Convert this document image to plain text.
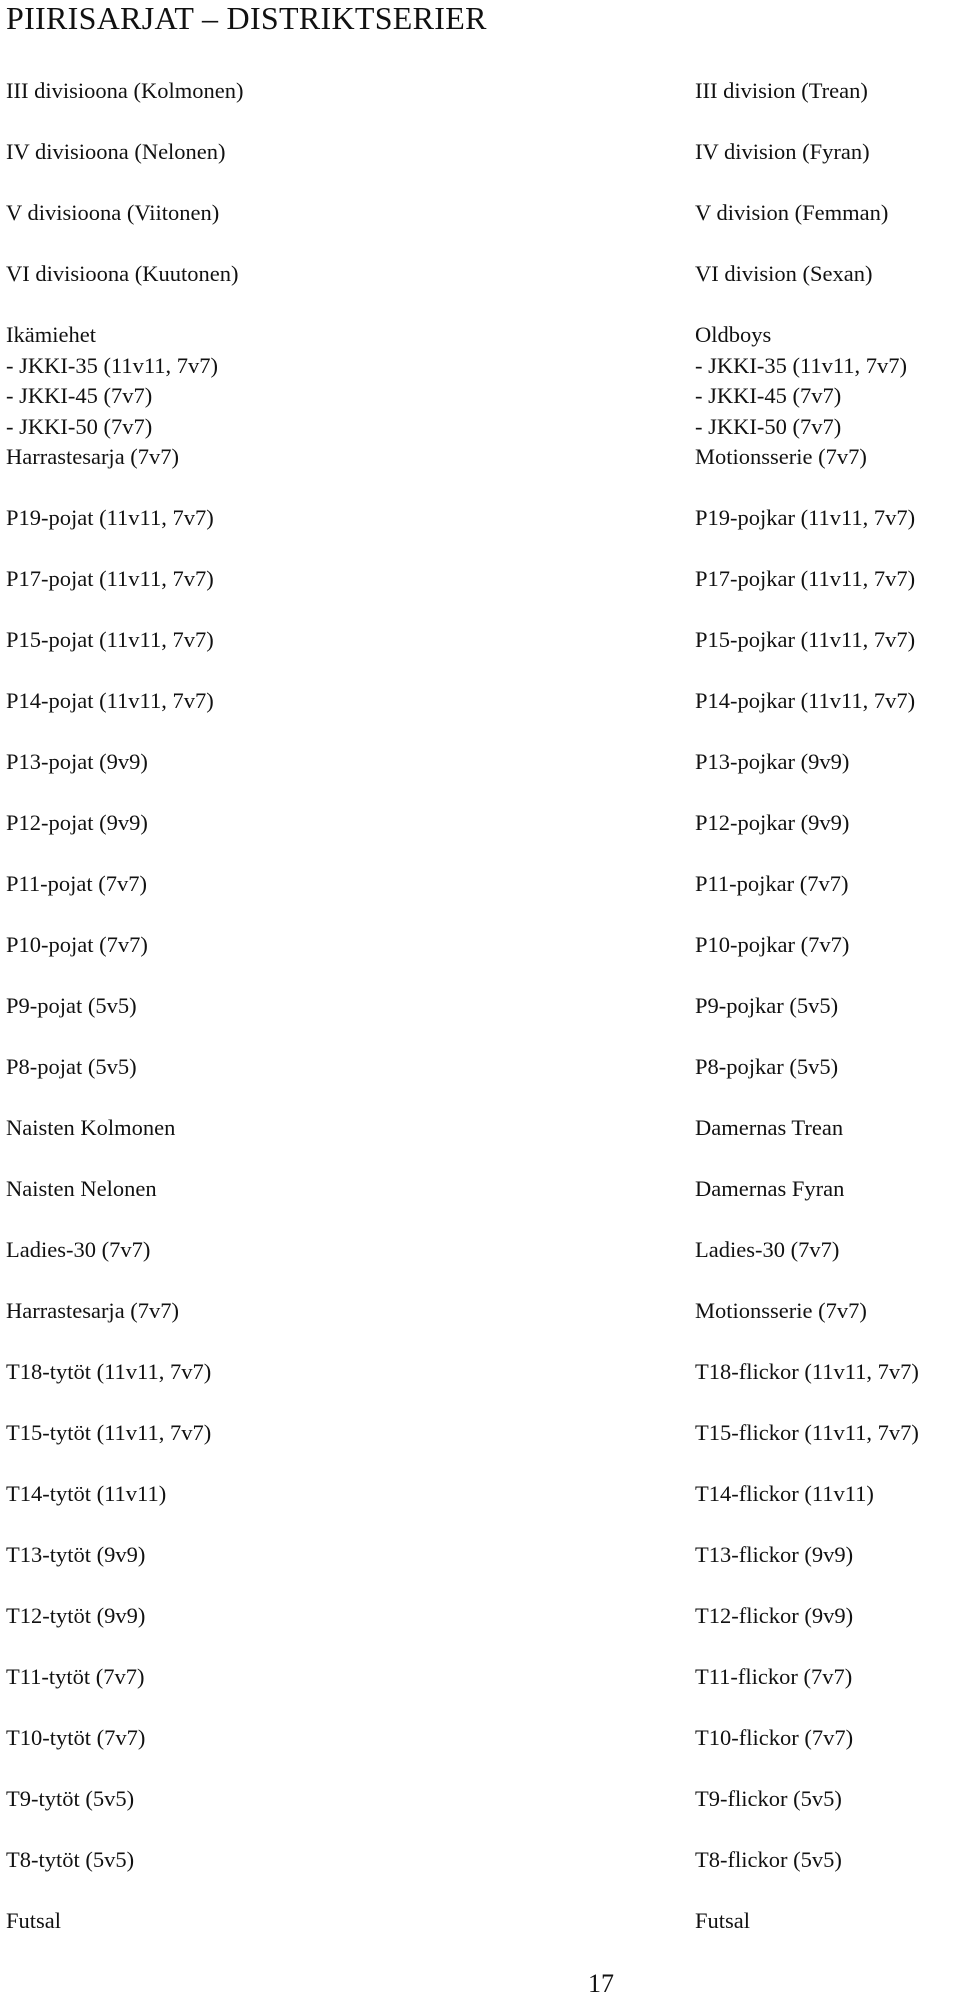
PIIRISARJAT – DISTRIKTSERIER
III divisioona (Kolmonen)
IV divisioona (Nelonen)
V divisioona (Viitonen)
VI divisioona (Kuutonen)
Ikämiehet
- JKKI-35 (11v11, 7v7)
- JKKI-45 (7v7)
- JKKI-50 (7v7)
Harrastesarja (7v7)
P19-pojat (11v11, 7v7)
P17-pojat (11v11, 7v7)
P15-pojat (11v11, 7v7)
P14-pojat (11v11, 7v7)
P13-pojat (9v9)
P12-pojat (9v9)
P11-pojat (7v7)
P10-pojat (7v7)
P9-pojat (5v5)
P8-pojat (5v5)
Naisten Kolmonen
Naisten Nelonen
Ladies-30 (7v7)
Harrastesarja (7v7)
T18-tytöt (11v11, 7v7)
T15-tytöt (11v11, 7v7)
T14-tytöt (11v11)
T13-tytöt (9v9)
T12-tytöt (9v9)
T11-tytöt (7v7)
T10-tytöt (7v7)
T9-tytöt (5v5)
T8-tytöt (5v5)
Futsal
III division (Trean)
IV division (Fyran)
V division (Femman)
VI division (Sexan)
Oldboys
- JKKI-35 (11v11, 7v7)
- JKKI-45 (7v7)
- JKKI-50 (7v7)
Motionsserie (7v7)
P19-pojkar (11v11, 7v7)
P17-pojkar (11v11, 7v7)
P15-pojkar (11v11, 7v7)
P14-pojkar (11v11, 7v7)
P13-pojkar (9v9)
P12-pojkar (9v9)
P11-pojkar (7v7)
P10-pojkar (7v7)
P9-pojkar (5v5)
P8-pojkar (5v5)
Damernas Trean
Damernas Fyran
Ladies-30 (7v7)
Motionsserie (7v7)
T18-flickor (11v11, 7v7)
T15-flickor (11v11, 7v7)
T14-flickor (11v11)
T13-flickor (9v9)
T12-flickor (9v9)
T11-flickor (7v7)
T10-flickor (7v7)
T9-flickor (5v5)
T8-flickor (5v5)
Futsal
17
